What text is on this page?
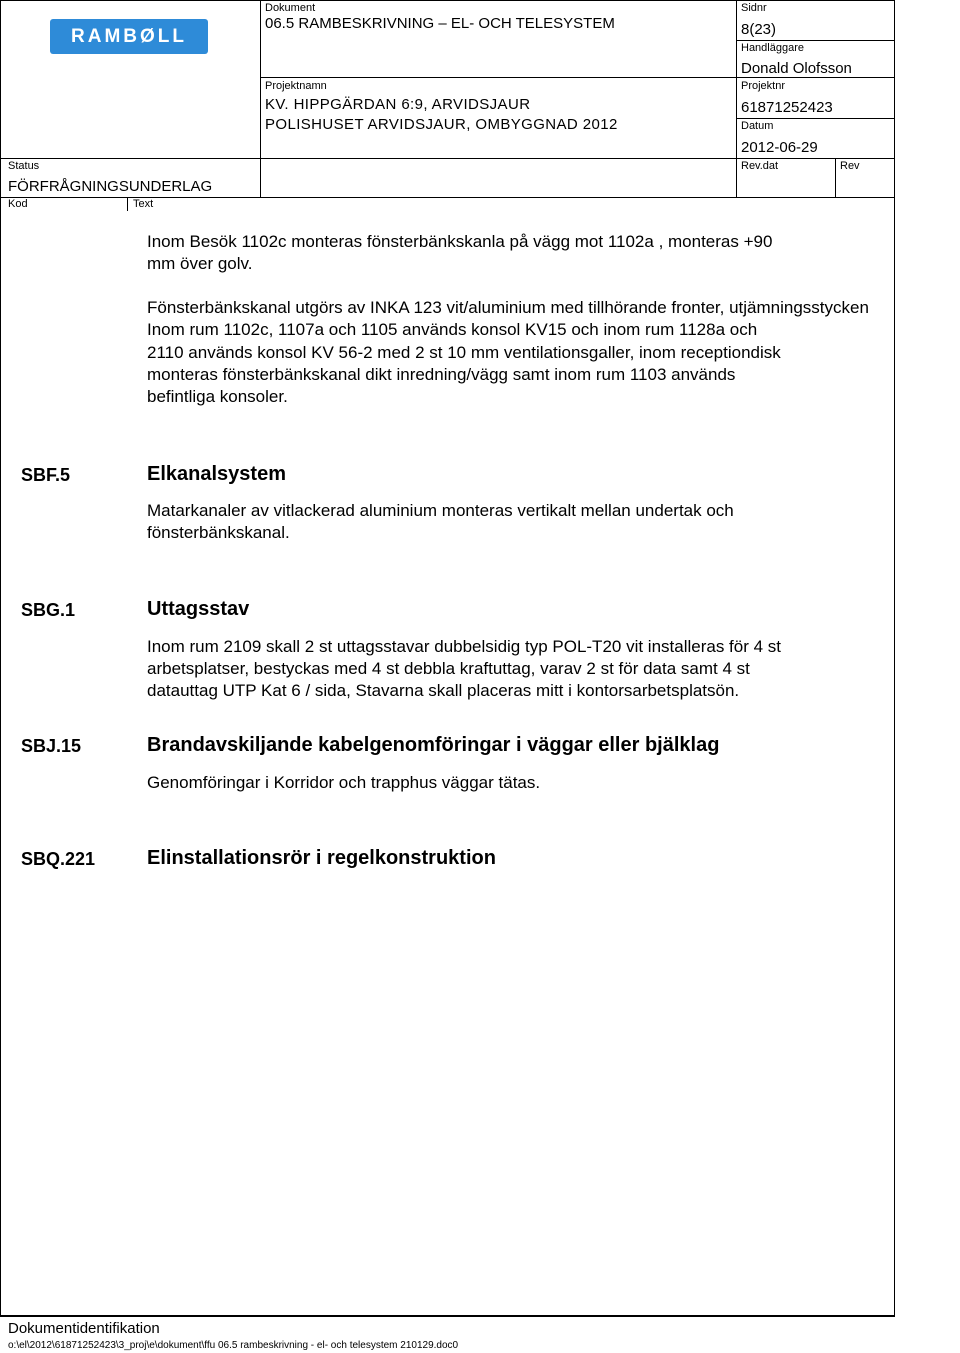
RAMBØLL
Dokument
06.5 RAMBESKRIVNING – EL- OCH TELESYSTEM
Sidnr
8(23)
Handläggare
Donald Olofsson
Projektnamn
KV. HIPPGÄRDAN 6:9, ARVIDSJAUR
POLISHUSET ARVIDSJAUR, OMBYGGNAD 2012
Projektnr
61871252423
Datum
2012-06-29
Status
FÖRFRÅGNINGSUNDERLAG
Rev.dat	Rev
Kod	Text
Inom Besök 1102c monteras fönsterbänkskanla på vägg mot 1102a , monteras +90
mm över golv.
Fönsterbänkskanal utgörs av INKA 123 vit/aluminium med tillhörande fronter, utjämningsstycken
Inom rum 1102c, 1107a och 1105 används konsol KV15 och inom rum 1128a och
2110 används konsol KV 56-2 med 2 st 10 mm ventilationsgaller, inom receptiondisk
monteras fönsterbänkskanal dikt inredning/vägg samt inom rum 1103 används
befintliga konsoler.
SBF.5	Elkanalsystem
Matarkanaler av vitlackerad aluminium monteras vertikalt mellan undertak och
fönsterbänkskanal.
SBG.1	Uttagsstav
Inom rum 2109 skall 2 st uttagsstavar dubbelsidig typ POL-T20 vit installeras för 4 st
arbetsplatser, bestyckas med 4 st debbla kraftuttag, varav 2 st för data samt 4 st
datauttag UTP Kat 6 / sida, Stavarna skall placeras mitt i kontorsarbetsplatsön.
SBJ.15	Brandavskiljande kabelgenomföringar i väggar eller bjälklag
Genomföringar i Korridor och trapphus väggar tätas.
SBQ.221	Elinstallationsrör i regelkonstruktion
Dokumentidentifikation
o:\el\2012\61871252423\3_proj\e\dokument\ffu 06.5 rambeskrivning - el- och telesystem 210129.doc0
